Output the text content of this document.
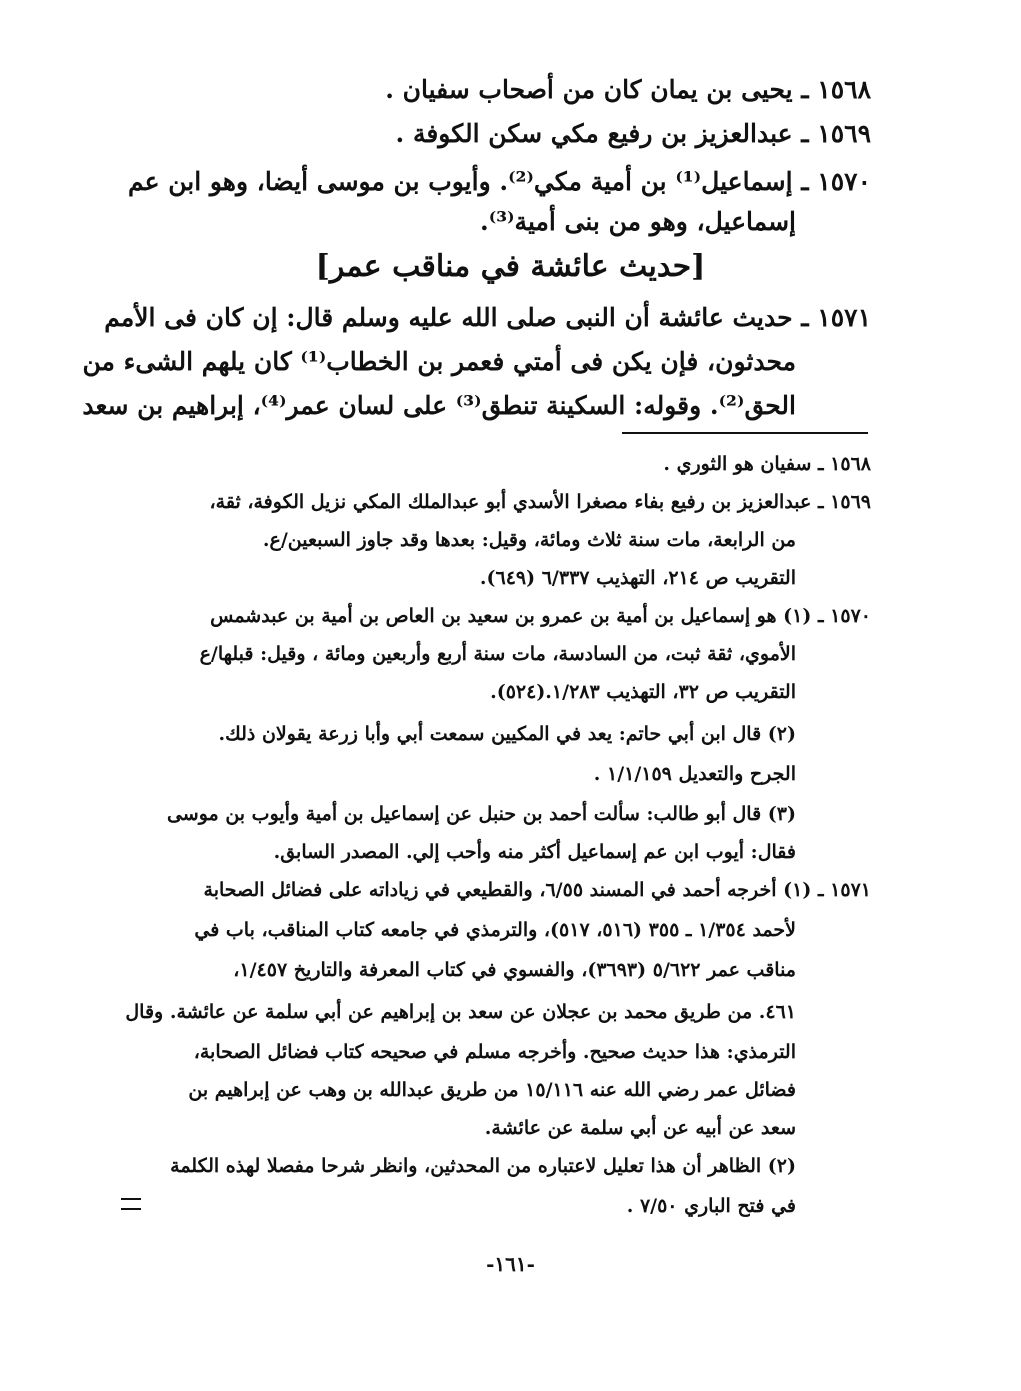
١٥٦٨ ـ يحيى بن يمان كان من أصحاب سفيان .
١٥٦٩ ـ عبدالعزيز بن رفيع مكي سكن الكوفة .
١٥٧٠ ـ إسماعيل⁽¹⁾ بن أمية مكي⁽²⁾. وأيوب بن موسى أيضا، وهو ابن عم
إسماعيل، وهو من بنى أمية⁽³⁾.
١٥٧١ ـ حديث عائشة أن النبى صلى الله عليه وسلم قال: إن كان فى الأمم
محدثون، فإن يكن فى أمتي فعمر بن الخطاب⁽¹⁾ كان يلهم الشىء من
الحق⁽²⁾. وقوله: السكينة تنطق⁽³⁾ على لسان عمر⁽⁴⁾، إبراهيم بن سعد
[حديث عائشة في مناقب عمر]
١٥٦٨ ـ سفيان هو الثوري .
١٥٦٩ ـ عبدالعزيز بن رفيع بفاء مصغرا الأسدي أبو عبدالملك المكي نزيل الكوفة، ثقة،
من الرابعة، مات سنة ثلاث ومائة، وقيل: بعدها وقد جاوز السبعين/ع.
التقريب ص ٢١٤، التهذيب ٦/٣٣٧ (٦٤٩).
١٥٧٠ ـ (١) هو إسماعيل بن أمية بن عمرو بن سعيد بن العاص بن أمية بن عبدشمس
الأموي، ثقة ثبت، من السادسة، مات سنة أربع وأربعين ومائة ، وقيل: قبلها/ع
التقريب ص ٣٢، التهذيب ١/٢٨٣.(٥٢٤).
(٢) قال ابن أبي حاتم: يعد في المكيين سمعت أبي وأبا زرعة يقولان ذلك.
الجرح والتعديل ١/١/١٥٩ .
(٣) قال أبو طالب: سألت أحمد بن حنبل عن إسماعيل بن أمية وأيوب بن موسى
فقال: أيوب ابن عم إسماعيل أكثر منه وأحب إلي. المصدر السابق.
١٥٧١ ـ (١) أخرجه أحمد في المسند ٦/٥٥، والقطيعي في زياداته على فضائل الصحابة
لأحمد ١/٣٥٤ ـ ٣٥٥ (٥١٦، ٥١٧)، والترمذي في جامعه كتاب المناقب، باب في
مناقب عمر ٥/٦٢٢ (٣٦٩٣)، والفسوي في كتاب المعرفة والتاريخ ١/٤٥٧،
٤٦١. من طريق محمد بن عجلان عن سعد بن إبراهيم عن أبي سلمة عن عائشة. وقال
الترمذي: هذا حديث صحيح. وأخرجه مسلم في صحيحه كتاب فضائل الصحابة،
فضائل عمر رضي الله عنه ١٥/١١٦ من طريق عبدالله بن وهب عن إبراهيم بن
سعد عن أبيه عن أبي سلمة عن عائشة.
(٢) الظاهر أن هذا تعليل لاعتباره من المحدثين، وانظر شرحا مفصلا لهذه الكلمة
في فتح الباري ٧/٥٠ .
-١٦١-
